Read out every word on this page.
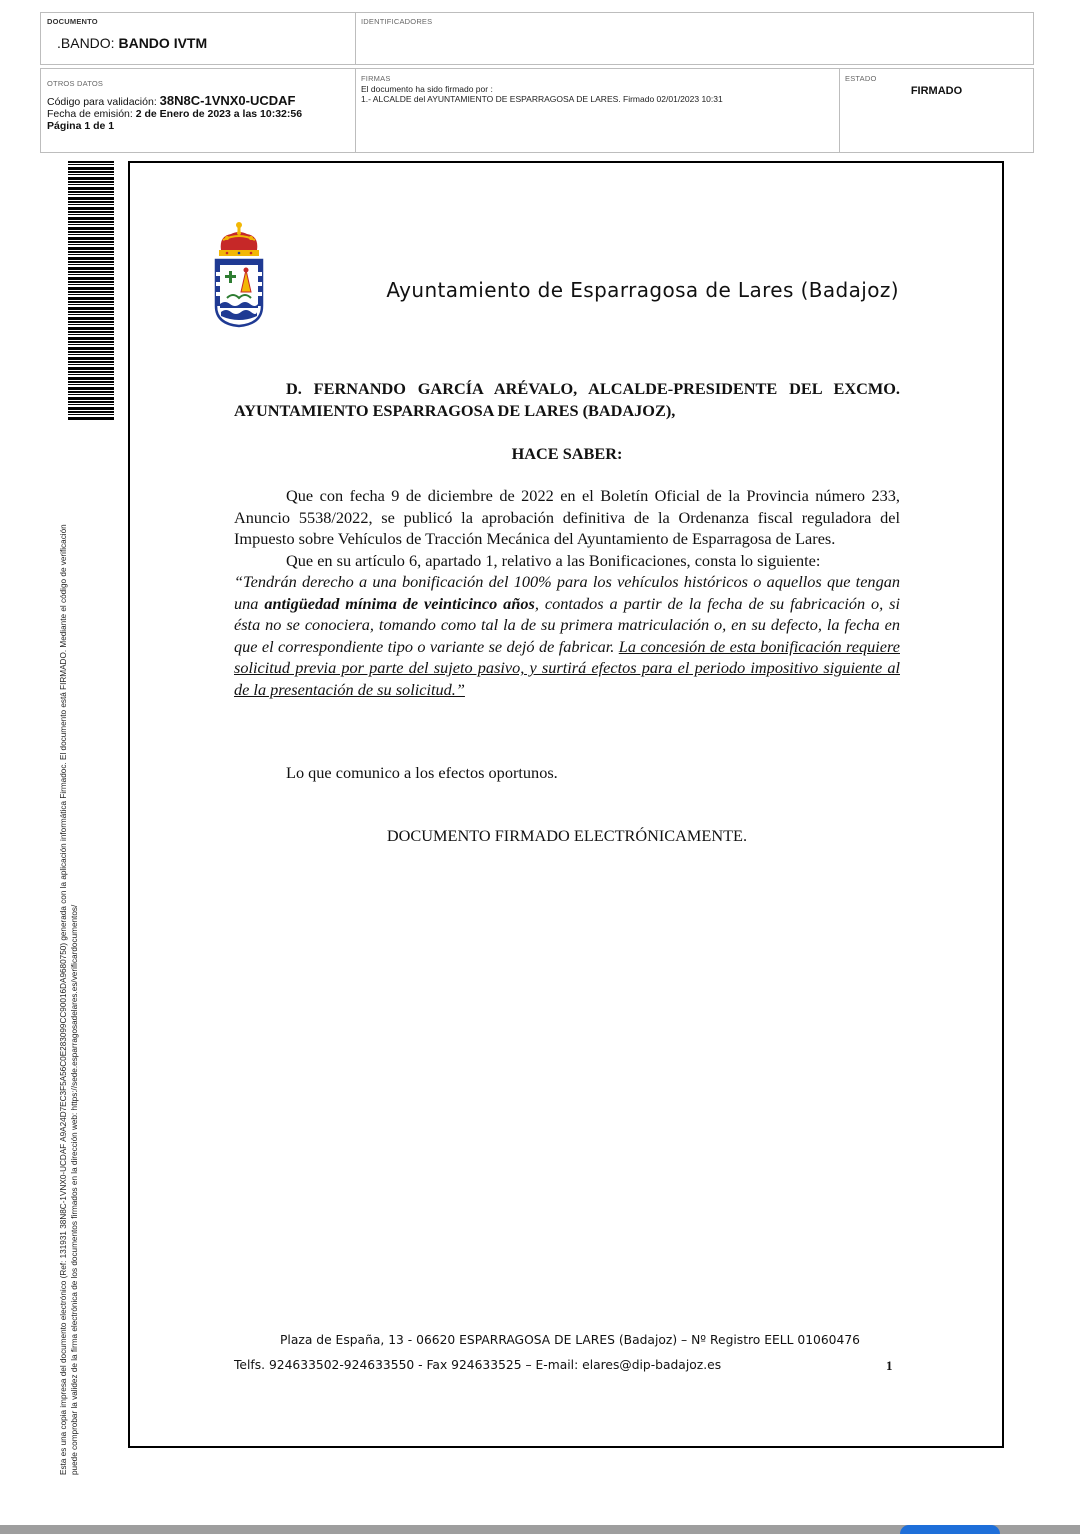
DOCUMENTO
.BANDO: BANDO IVTM
IDENTIFICADORES
OTROS DATOS
Código para validación: 38N8C-1VNX0-UCDAF
Fecha de emisión: 2 de Enero de 2023 a las 10:32:56
Página 1 de 1
FIRMAS
El documento ha sido firmado por :
1.- ALCALDE del AYUNTAMIENTO DE ESPARRAGOSA DE LARES. Firmado 02/01/2023 10:31
ESTADO
FIRMADO
Esta es una copia impresa del documento electrónico (Ref: 131931 38N8C-1VNX0-UCDAF A9A24D7EC3F5A56C0E283099CC90016DA9680750) generada con la aplicación informática Firmadoc. El documento está FIRMADO. Mediante el código de verificación puede comprobar la validez de la firma electrónica de los documentos firmados en la dirección web: https://sede.esparragosadelares.es/verificardocumentos/
Ayuntamiento de Esparragosa de Lares (Badajoz)
D. FERNANDO GARCÍA ARÉVALO, ALCALDE-PRESIDENTE DEL EXCMO.
AYUNTAMIENTO ESPARRAGOSA DE LARES (BADAJOZ),
HACE SABER:

Que con fecha 9 de diciembre de 2022 en el Boletín Oficial de la Provincia número 233, Anuncio 5538/2022, se publicó la aprobación definitiva de la Ordenanza fiscal reguladora del Impuesto sobre Vehículos de Tracción Mecánica del Ayuntamiento de Esparragosa de Lares.

Que en su artículo 6, apartado 1, relativo a las Bonificaciones, consta lo siguiente:

“Tendrán derecho a una bonificación del 100% para los vehículos históricos o aquellos que tengan una antigüedad mínima de veinticinco años, contados a partir de la fecha de su fabricación o, si ésta no se conociera, tomando como tal la de su primera matriculación o, en su defecto, la fecha en que el correspondiente tipo o variante se dejó de fabricar. La concesión de esta bonificación requiere solicitud previa por parte del sujeto pasivo, y surtirá efectos para el periodo impositivo siguiente al de la presentación de su solicitud.”

Lo que comunico a los efectos oportunos.
DOCUMENTO FIRMADO ELECTRÓNICAMENTE.
Plaza de España, 13 - 06620 ESPARRAGOSA DE LARES (Badajoz) – Nº Registro EELL 01060476
Telfs. 924633502-924633550 - Fax 924633525 – E-mail: elares@dip-badajoz.es	1
